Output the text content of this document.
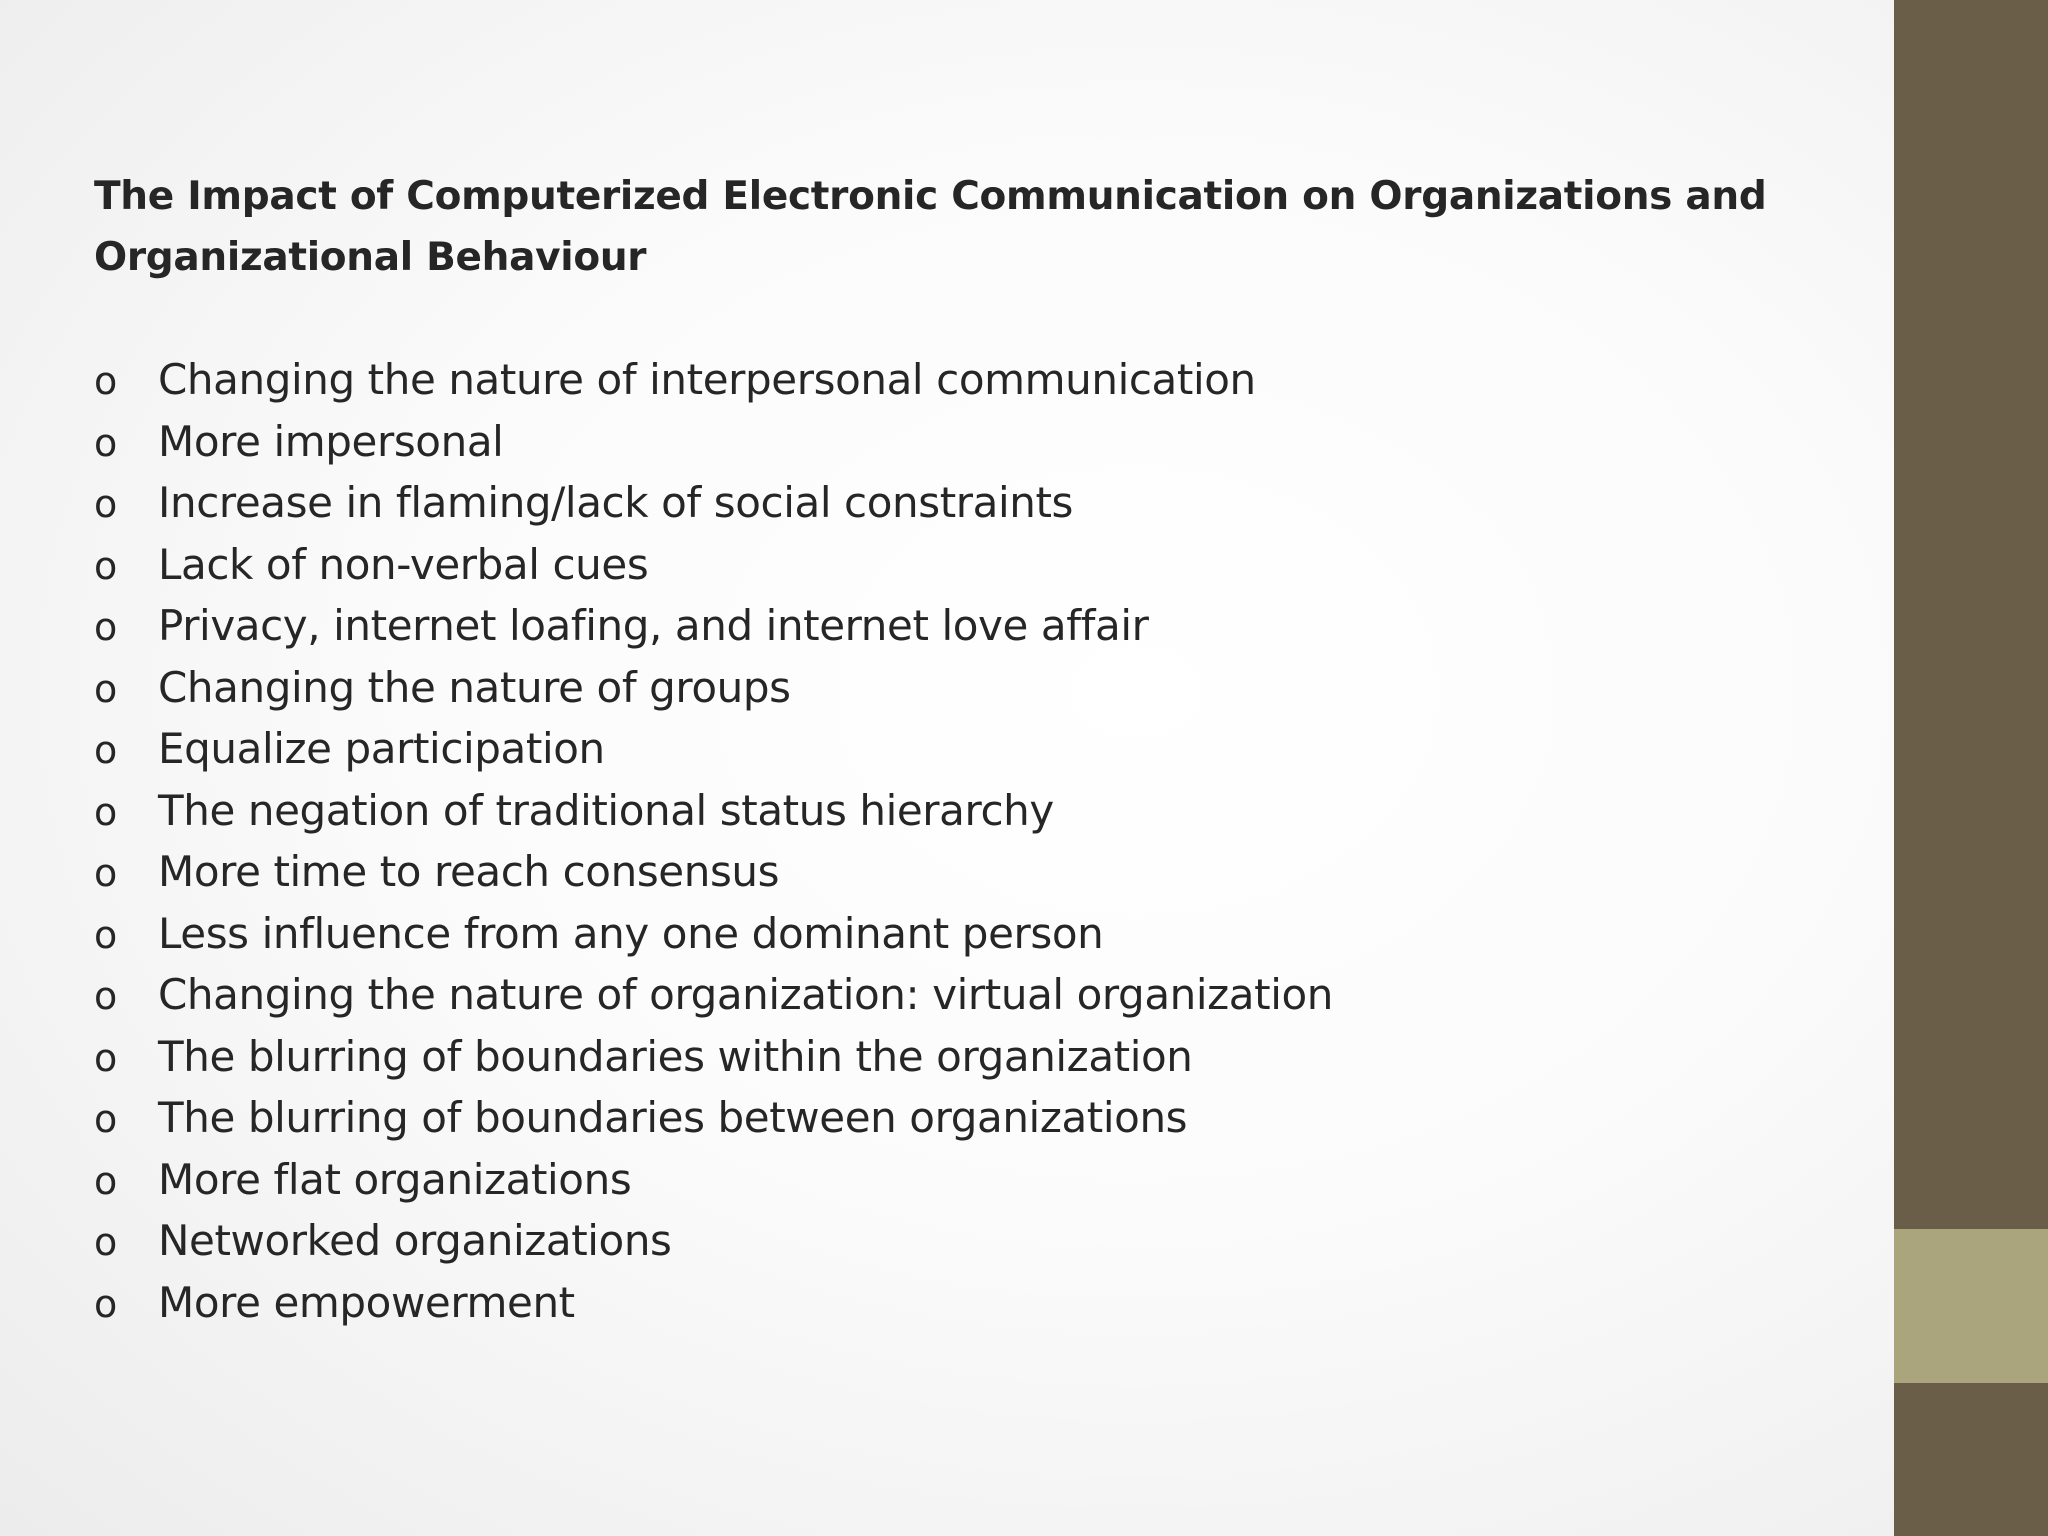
The Impact of Computerized Electronic Communication on Organizations and Organizational Behaviour
o Changing the nature of interpersonal communication
o More impersonal
o Increase in flaming/lack of social constraints
o Lack of non-verbal cues
o Privacy, internet loafing, and internet love affair
o Changing the nature of groups
o Equalize participation
o The negation of traditional status hierarchy
o More time to reach consensus
o Less influence from any one dominant person
o Changing the nature of organization: virtual organization
o The blurring of boundaries within the organization
o The blurring of boundaries between organizations
o More flat organizations
o Networked organizations
o More empowerment
